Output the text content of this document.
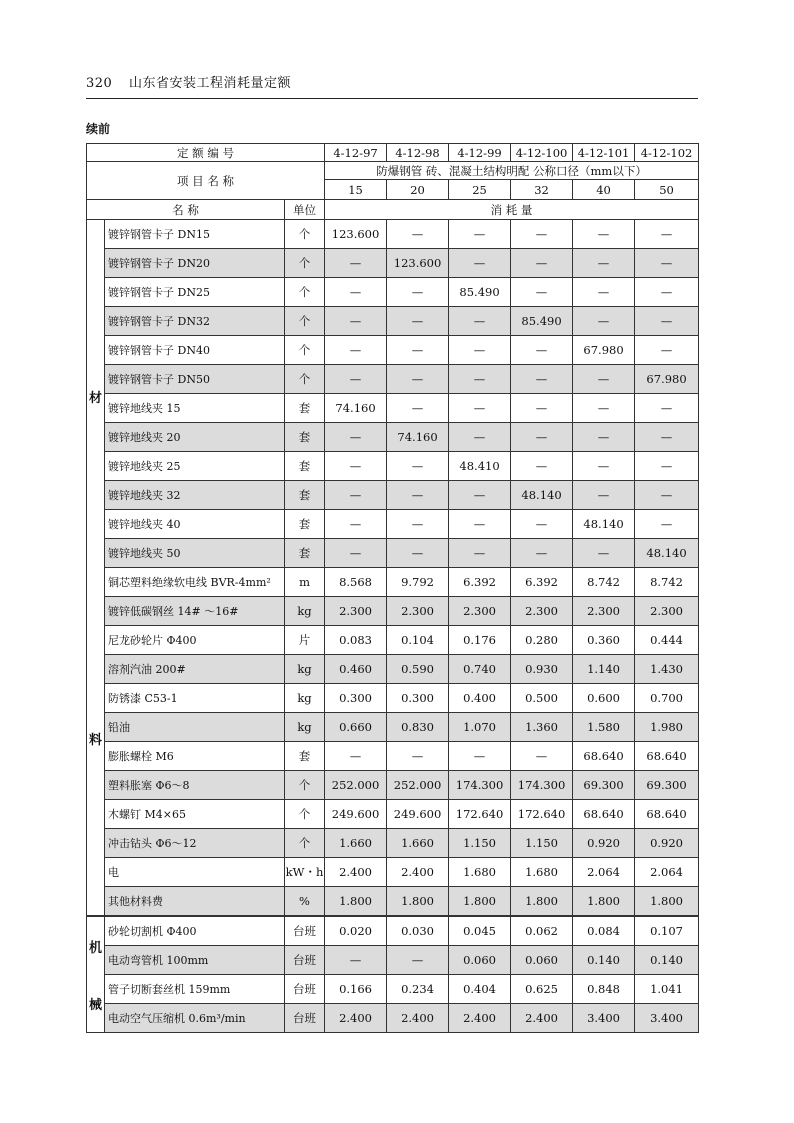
320 山东省安装工程消耗量定额
续前
定 额 编 号			4-12-97	4-12-98	4-12-99	4-12-100	4-12-101	4-12-102
项 目 名 称			防爆钢管 砖、混凝土结构明配 公称口径（mm以下）					
			15	20	25	32	40	50
名 称		单位	消 耗 量					

材
料	镀锌钢管卡子 DN15	个	123.600	—	—	—	—	—
	镀锌钢管卡子 DN20	个	—	123.600	—	—	—	—
	镀锌钢管卡子 DN25	个	—	—	85.490	—	—	—
	镀锌钢管卡子 DN32	个	—	—	—	85.490	—	—
	镀锌钢管卡子 DN40	个	—	—	—	—	67.980	—
	镀锌钢管卡子 DN50	个	—	—	—	—	—	67.980
	镀锌地线夹 15	套	74.160	—	—	—	—	—
	镀锌地线夹 20	套	—	74.160	—	—	—	—
	镀锌地线夹 25	套	—	—	48.410	—	—	—
	镀锌地线夹 32	套	—	—	—	48.140	—	—
	镀锌地线夹 40	套	—	—	—	—	48.140	—
	镀锌地线夹 50	套	—	—	—	—	—	48.140
	铜芯塑料绝缘软电线 BVR-4mm²	m	8.568	9.792	6.392	6.392	8.742	8.742
	镀锌低碳钢丝 14# ～16#	kg	2.300	2.300	2.300	2.300	2.300	2.300
	尼龙砂轮片 Φ400	片	0.083	0.104	0.176	0.280	0.360	0.444
	溶剂汽油 200#	kg	0.460	0.590	0.740	0.930	1.140	1.430
	防锈漆 C53-1	kg	0.300	0.300	0.400	0.500	0.600	0.700
	铅油	kg	0.660	0.830	1.070	1.360	1.580	1.980
	膨胀螺栓 M6	套	—	—	—	—	68.640	68.640
	塑料胀塞 Φ6～8	个	252.000	252.000	174.300	174.300	69.300	69.300
	木螺钉 M4×65	个	249.600	249.600	172.640	172.640	68.640	68.640
	冲击钻头 Φ6～12	个	1.660	1.660	1.150	1.150	0.920	0.920
	电	kW・h	2.400	2.400	1.680	1.680	2.064	2.064
	其他材料费	%	1.800	1.800	1.800	1.800	1.800	1.800

机
械	砂轮切割机 Φ400	台班	0.020	0.030	0.045	0.062	0.084	0.107
	电动弯管机 100mm	台班	—	—	0.060	0.060	0.140	0.140
	管子切断套丝机 159mm	台班	0.166	0.234	0.404	0.625	0.848	1.041
	电动空气压缩机 0.6m³/min	台班	2.400	2.400	2.400	2.400	3.400	3.400
